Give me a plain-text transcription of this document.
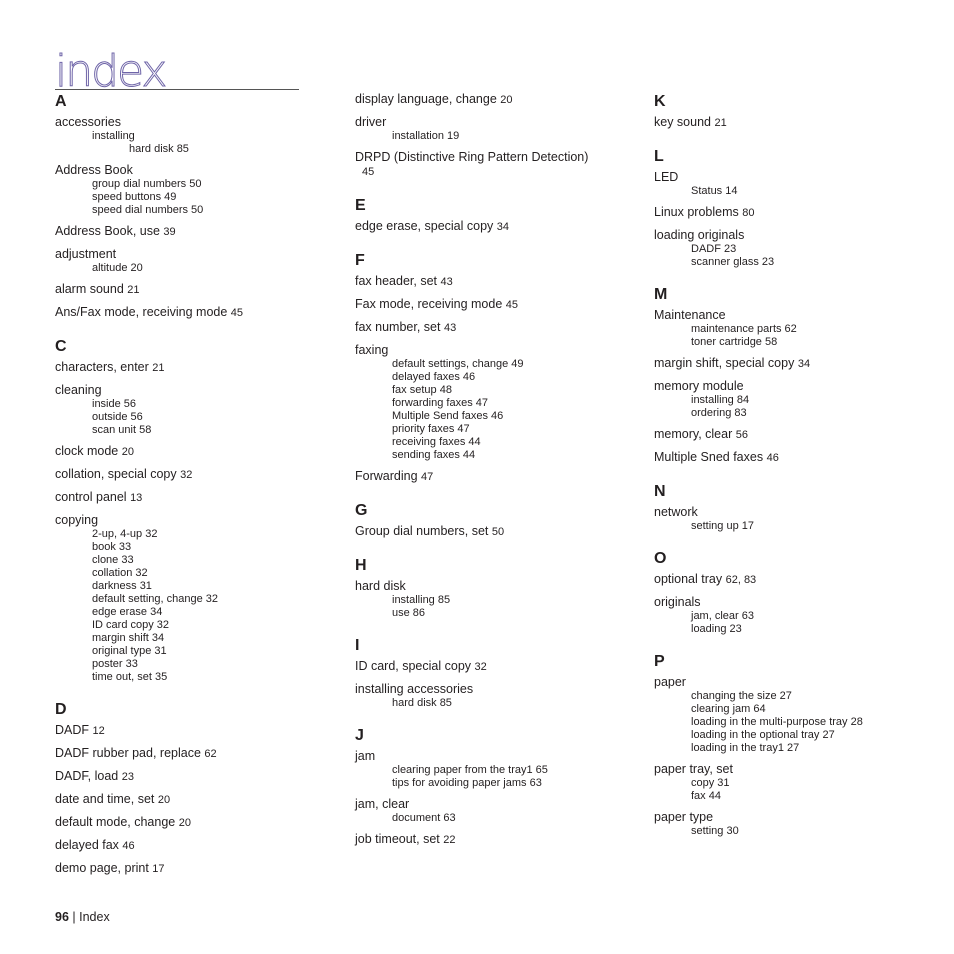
index
A
accessories
installing
hard disk 85
Address Book
group dial numbers 50
speed buttons 49
speed dial numbers 50
Address Book, use 39
adjustment
altitude 20
alarm sound 21
Ans/Fax mode, receiving mode 45
C
characters, enter 21
cleaning
inside 56
outside 56
scan unit 58
clock mode 20
collation, special copy 32
control panel 13
copying
2-up, 4-up 32
book 33
clone 33
collation 32
darkness 31
default setting, change 32
edge erase 34
ID card copy 32
margin shift 34
original type 31
poster 33
time out, set 35
D
DADF 12
DADF rubber pad, replace 62
DADF, load 23
date and time, set 20
default mode, change 20
delayed fax 46
demo page, print 17
display language, change 20
driver
installation 19
DRPD (Distinctive Ring Pattern Detection)
45
E
edge erase, special copy 34
F
fax header, set 43
Fax mode, receiving mode 45
fax number, set 43
faxing
default settings, change 49
delayed faxes 46
fax setup 48
forwarding faxes 47
Multiple Send faxes 46
priority faxes 47
receiving faxes 44
sending faxes 44
Forwarding 47
G
Group dial numbers, set 50
H
hard disk
installing 85
use 86
I
ID card, special copy 32
installing accessories
hard disk 85
J
jam
clearing paper from the tray1 65
tips for avoiding paper jams 63
jam, clear
document 63
job timeout, set 22
K
key sound 21
L
LED
Status 14
Linux problems 80
loading originals
DADF 23
scanner glass 23
M
Maintenance
maintenance parts 62
toner cartridge 58
margin shift, special copy 34
memory module
installing 84
ordering 83
memory, clear 56
Multiple Sned faxes 46
N
network
setting up 17
O
optional tray 62, 83
originals
jam, clear 63
loading 23
P
paper
changing the size 27
clearing jam 64
loading in the multi-purpose tray 28
loading in the optional tray 27
loading in the tray1 27
paper tray, set
copy 31
fax 44
paper type
setting 30
96 | Index
